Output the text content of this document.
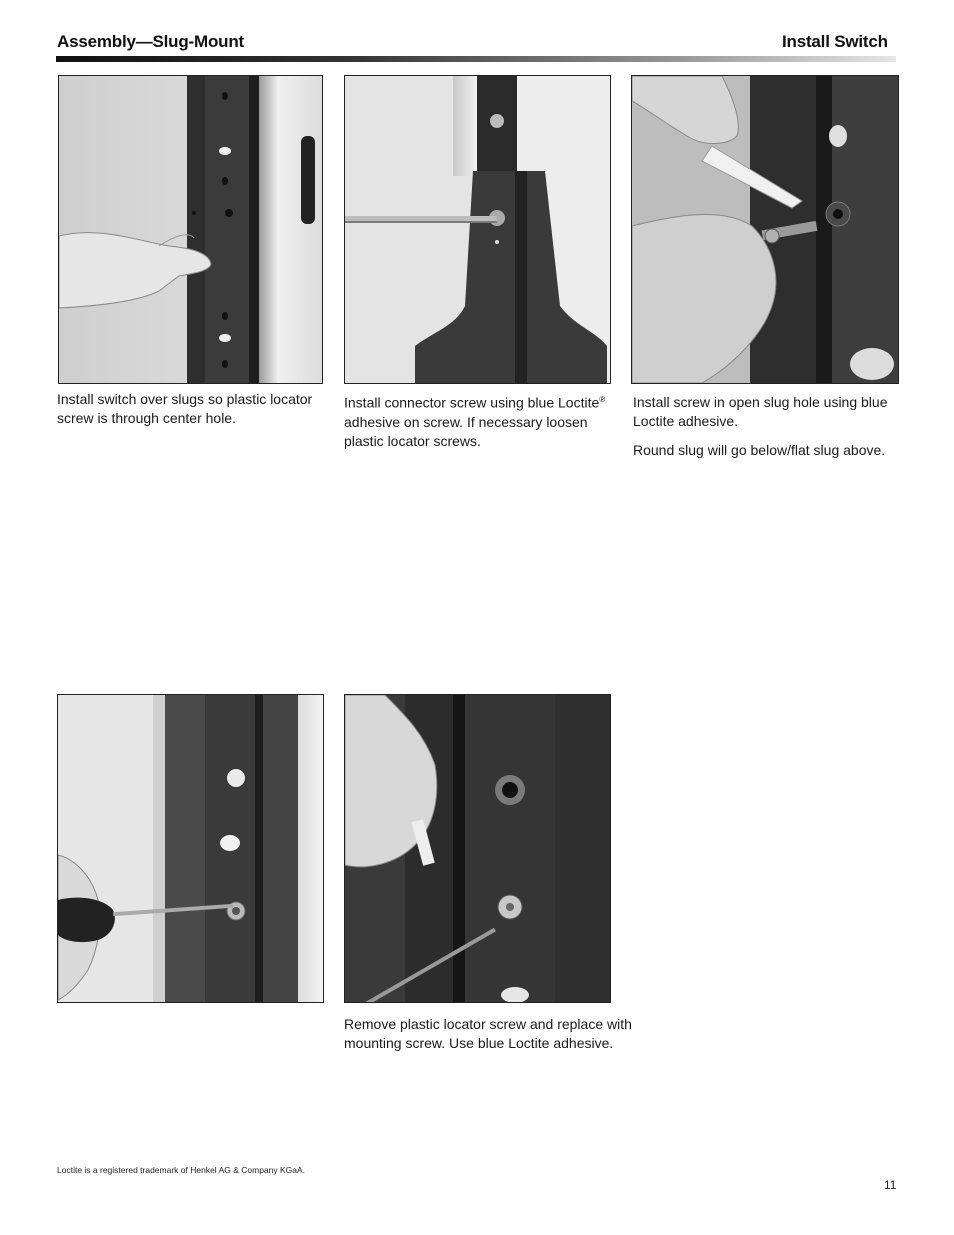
Assembly—Slug-Mount	Install Switch
Install switch over slugs so plastic locator screw is through center hole.
Install connector screw using blue Loctite® adhesive on screw. If necessary loosen plastic locator screws.

Install screw in open slug hole using blue Loctite adhesive.

Round slug will go below/flat slug above.

Remove plastic locator screw and replace with mounting screw. Use blue Loctite adhesive.
Loctite is a registered trademark of Henkel AG & Company KGaA.
11
